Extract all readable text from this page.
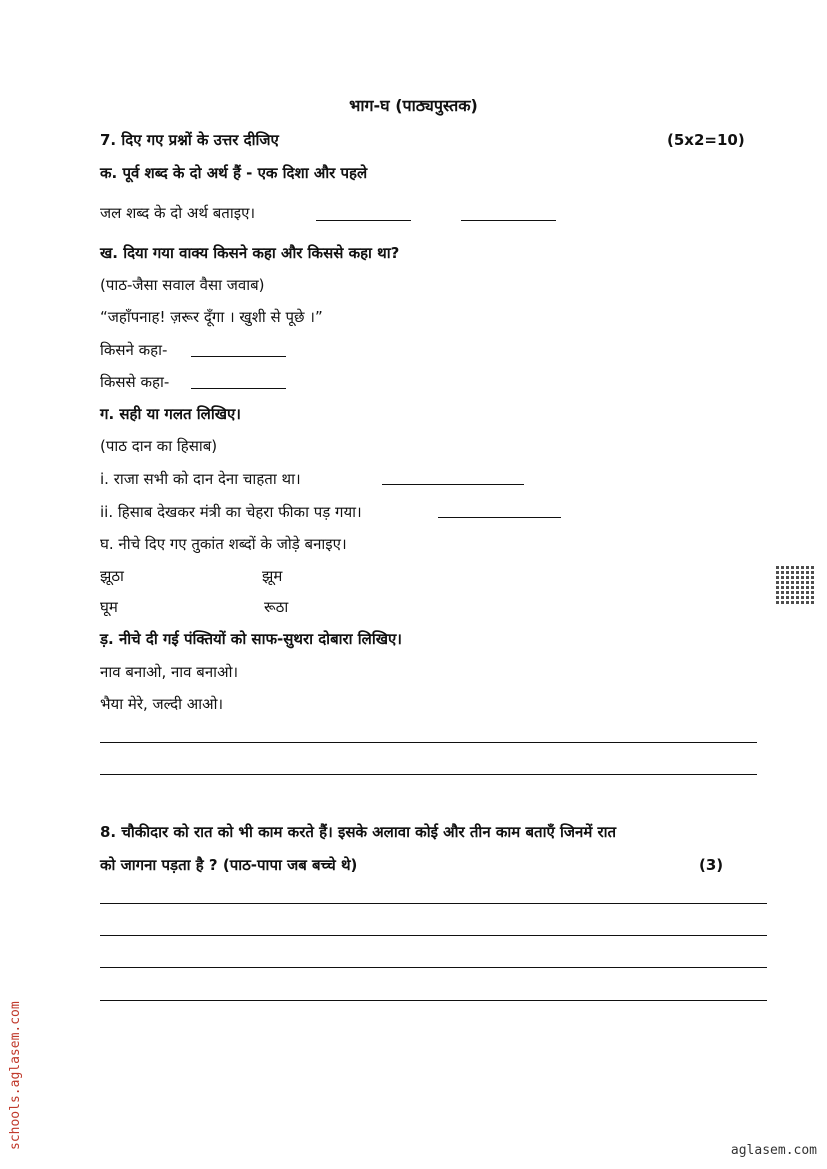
भाग-घ (पाठ्यपुस्तक)
7. दिए गए प्रश्नों के उत्तर दीजिए	(5x2=10)
क. पूर्व शब्द के दो अर्थ हैं - एक दिशा और पहले
जल शब्द के दो अर्थ बताइए।
ख. दिया गया वाक्य किसने कहा और किससे कहा था?
(पाठ-जैसा सवाल वैसा जवाब)
“जहाँपनाह! ज़रूर दूँगा । खुशी से पूछे ।”
किसने कहा-
किससे कहा-
ग. सही या गलत लिखिए।
(पाठ दान का हिसाब)
i. राजा सभी को दान देना चाहता था।
ii. हिसाब देखकर मंत्री का चेहरा फीका पड़ गया।
घ. नीचे दिए गए तुकांत शब्दों के जोड़े बनाइए।
झूठा	झूम
घूम	रूठा
ड़. नीचे दी गई पंक्तियों को साफ-सुथरा दोबारा लिखिए।
नाव बनाओ, नाव बनाओ।
भैया मेरे, जल्दी आओ।
8. चौकीदार को रात को भी काम करते हैं। इसके अलावा कोई और तीन काम बताएँ जिनमें रात
को जागना पड़ता है ? (पाठ-पापा जब बच्चे थे)	(3)
schools.aglasem.com
aglasem.com
